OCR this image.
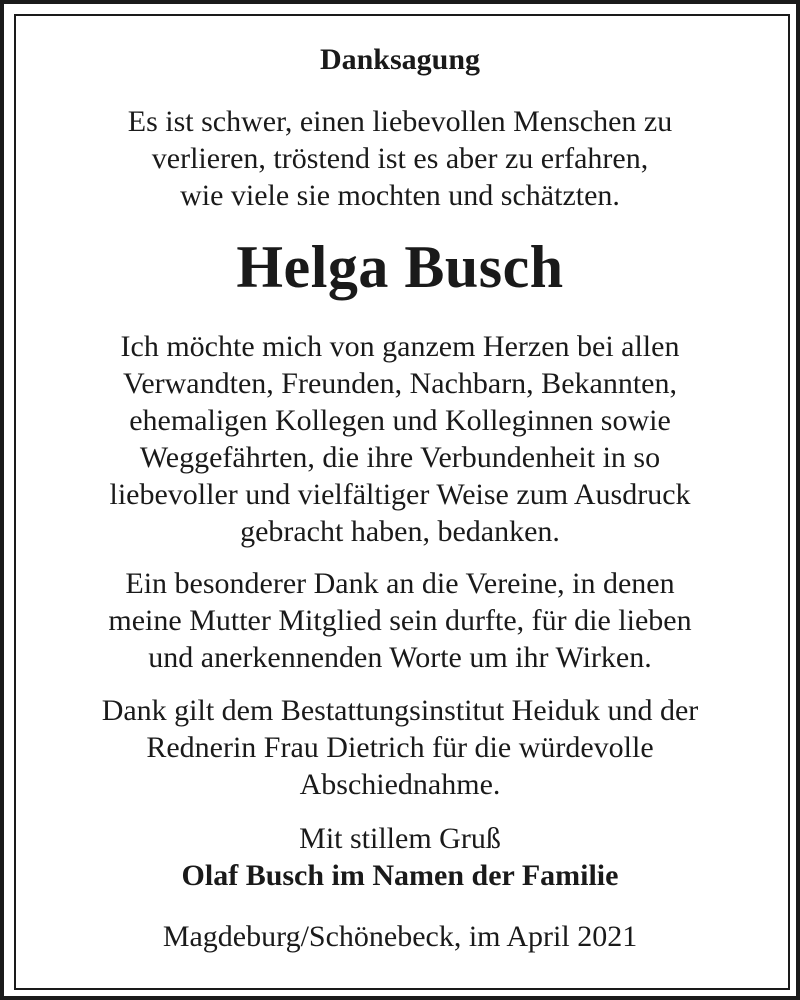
Danksagung
Es ist schwer, einen liebevollen Menschen zu
verlieren, tröstend ist es aber zu erfahren,
wie viele sie mochten und schätzten.
Helga Busch
Ich möchte mich von ganzem Herzen bei allen
Verwandten, Freunden, Nachbarn, Bekannten,
ehemaligen Kollegen und Kolleginnen sowie
Weggefährten, die ihre Verbundenheit in so
liebevoller und vielfältiger Weise zum Ausdruck
gebracht haben, bedanken.
Ein besonderer Dank an die Vereine, in denen
meine Mutter Mitglied sein durfte, für die lieben
und anerkennenden Worte um ihr Wirken.
Dank gilt dem Bestattungsinstitut Heiduk und der
Rednerin Frau Dietrich für die würdevolle
Abschiednahme.
Mit stillem Gruß
Olaf Busch im Namen der Familie
Magdeburg/Schönebeck, im April 2021
